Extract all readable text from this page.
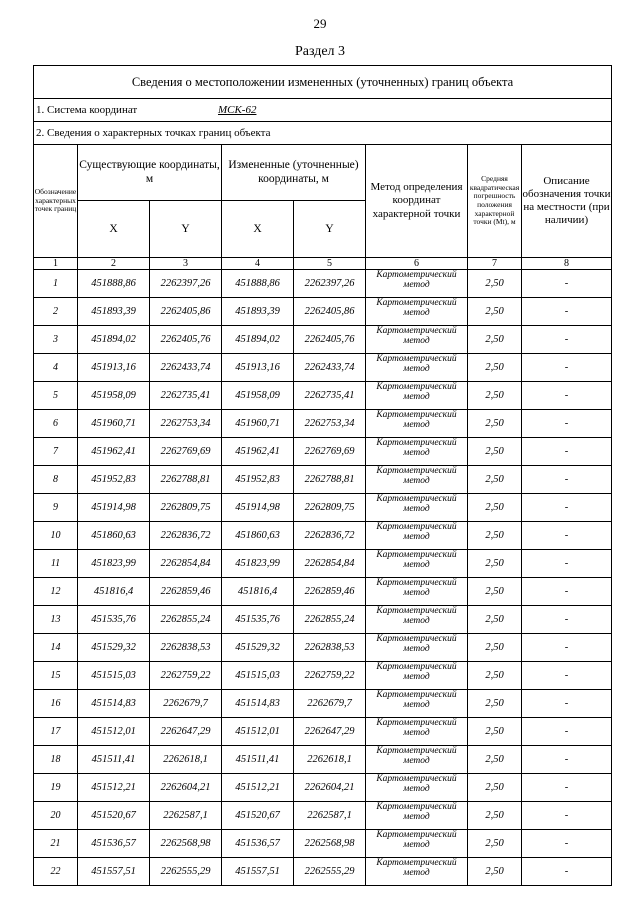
29
Раздел 3
Сведения о местоположении измененных (уточненных) границ объекта							
1. Система координат МСК-62							
2. Сведения о характерных точках границ объекта							
Обозначение характерных точек границ	Существующие координаты, м		Измененные (уточненные) координаты, м		Метод определения координат характерной точки	Средняя квадратическая погрешность положения характерной точки (Mt), м	Описание обозначения точки на местности (при наличии)
	X	Y	X	Y			
1	2	3	4	5	6	7	8
1	451888,86	2262397,26	451888,86	2262397,26	Картометрический метод	2,50	-
2	451893,39	2262405,86	451893,39	2262405,86	Картометрический метод	2,50	-
3	451894,02	2262405,76	451894,02	2262405,76	Картометрический метод	2,50	-
4	451913,16	2262433,74	451913,16	2262433,74	Картометрический метод	2,50	-
5	451958,09	2262735,41	451958,09	2262735,41	Картометрический метод	2,50	-
6	451960,71	2262753,34	451960,71	2262753,34	Картометрический метод	2,50	-
7	451962,41	2262769,69	451962,41	2262769,69	Картометрический метод	2,50	-
8	451952,83	2262788,81	451952,83	2262788,81	Картометрический метод	2,50	-
9	451914,98	2262809,75	451914,98	2262809,75	Картометрический метод	2,50	-
10	451860,63	2262836,72	451860,63	2262836,72	Картометрический метод	2,50	-
11	451823,99	2262854,84	451823,99	2262854,84	Картометрический метод	2,50	-
12	451816,4	2262859,46	451816,4	2262859,46	Картометрический метод	2,50	-
13	451535,76	2262855,24	451535,76	2262855,24	Картометрический метод	2,50	-
14	451529,32	2262838,53	451529,32	2262838,53	Картометрический метод	2,50	-
15	451515,03	2262759,22	451515,03	2262759,22	Картометрический метод	2,50	-
16	451514,83	2262679,7	451514,83	2262679,7	Картометрический метод	2,50	-
17	451512,01	2262647,29	451512,01	2262647,29	Картометрический метод	2,50	-
18	451511,41	2262618,1	451511,41	2262618,1	Картометрический метод	2,50	-
19	451512,21	2262604,21	451512,21	2262604,21	Картометрический метод	2,50	-
20	451520,67	2262587,1	451520,67	2262587,1	Картометрический метод	2,50	-
21	451536,57	2262568,98	451536,57	2262568,98	Картометрический метод	2,50	-
22	451557,51	2262555,29	451557,51	2262555,29	Картометрический метод	2,50	-
